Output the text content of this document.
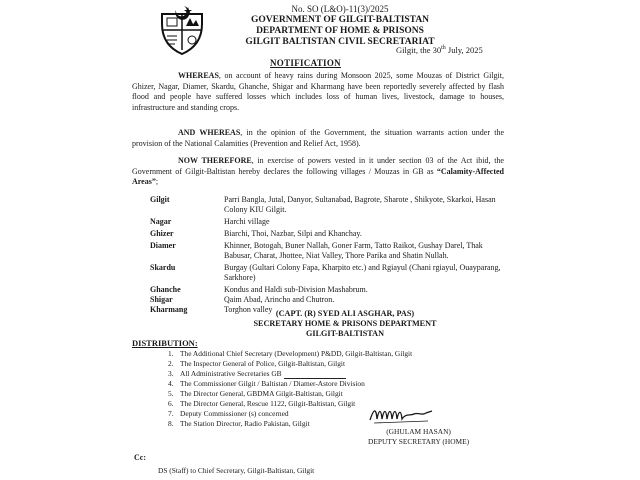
No. SO (L&O)-11(3)/2025
GOVERNMENT OF GILGIT-BALTISTAN
DEPARTMENT OF HOME & PRISONS
GILGIT BALTISTAN CIVIL SECRETARIAT
Gilgit, the 30th July, 2025
NOTIFICATION
WHEREAS, on account of heavy rains during Monsoon 2025, some Mouzas of District Gilgit, Ghizer, Nagar, Diamer, Skardu, Ghanche, Shigar and Kharmang have been reportedly severely affected by flash flood and people have suffered losses which includes loss of human lives, livestock, damage to houses, infrastructure and standing crops.
AND WHEREAS, in the opinion of the Government, the situation warrants action under the provision of the National Calamities (Prevention and Relief Act, 1958).
NOW THEREFORE, in exercise of powers vested in it under section 03 of the Act ibid, the Government of Gilgit-Baltistan hereby declares the following villages / Mouzas in GB as “Calamity-Affected Areas”;
Gilgit	Parri Bangla, Jutal, Danyor, Sultanabad, Bagrote, Sharote , Shikyote, Skarkoi, Hasan Colony KIU Gilgit.
Nagar	Harchi village
Ghizer	Biarchi, Thoi, Nazbar, Silpi and Khanchay.
Diamer	Khinner, Botogah, Buner Nallah, Goner Farm, Tatto Raikot, Gushay Darel, Thak Babusar, Charat, Jhottee, Niat Valley, Thore Parika and Shatin Nullah.
Skardu	Burgay (Gultari Colony Fapa, Kharpito etc.) and Rgiayul (Chani rgiayul, Ouayparang, Sarkhore)
Ghanche	Kondus and Haldi sub-Division Mashabrum.
Shigar	Qaim Abad, Arincho and Chutron.
Kharmang	Torghon valley (CAPT. (R) SYED ALI ASGHAR, PAS)
SECRETARY HOME & PRISONS DEPARTMENT
GILGIT-BALTISTAN
DISTRIBUTION:
1. The Additional Chief Secretary (Development) P&DD, Gilgit-Baltistan, Gilgit
2. The Inspector General of Police, Gilgit-Baltistan, Gilgit
3. All Administrative Secretaries GB
4. The Commissioner Gilgit / Baltistan / Diamer-Astore Division
5. The Director General, GBDMA Gilgit-Baltistan, Gilgit
6. The Director General, Rescue 1122, Gilgit-Baltistan, Gilgit
7. Deputy Commissioner (s) concerned
8. The Station Director, Radio Pakistan, Gilgit
(GHULAM HASAN)
DEPUTY SECRETARY (HOME)
Cc:
DS (Staff) to Chief Secretary, Gilgit-Baltistan, Gilgit
